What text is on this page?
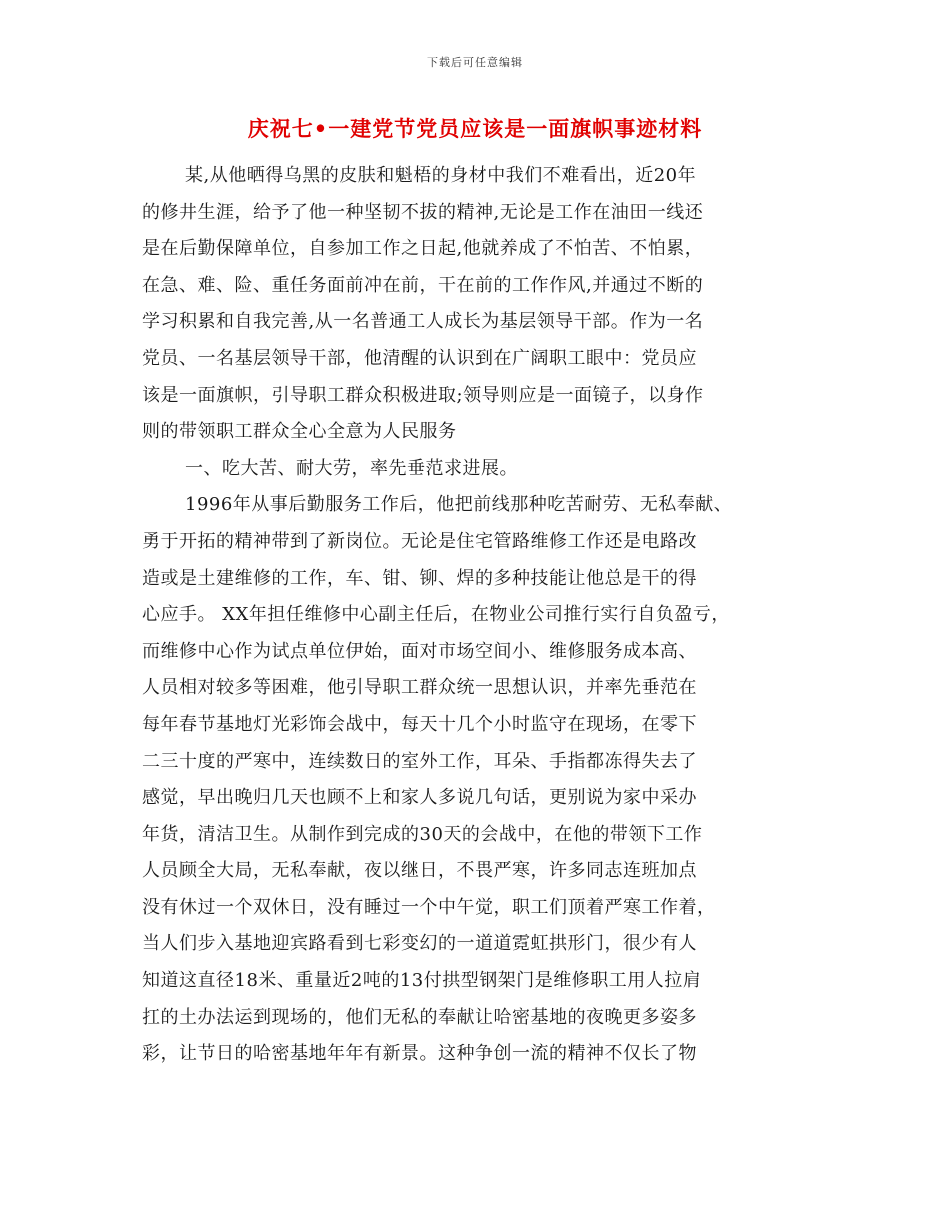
下载后可任意编辑
庆祝七•一建党节党员应该是一面旗帜事迹材料
某,从他晒得乌黑的皮肤和魁梧的身材中我们不难看出，近20年
的修井生涯，给予了他一种坚韧不拔的精神,无论是工作在油田一线还
是在后勤保障单位，自参加工作之日起,他就养成了不怕苦、不怕累，
在急、难、险、重任务面前冲在前，干在前的工作作风,并通过不断的
学习积累和自我完善,从一名普通工人成长为基层领导干部。作为一名
党员、一名基层领导干部，他清醒的认识到在广阔职工眼中：党员应
该是一面旗帜，引导职工群众积极进取;领导则应是一面镜子，以身作
则的带领职工群众全心全意为人民服务
一、吃大苦、耐大劳，率先垂范求进展。
1996年从事后勤服务工作后，他把前线那种吃苦耐劳、无私奉献、
勇于开拓的精神带到了新岗位。无论是住宅管路维修工作还是电路改
造或是土建维修的工作，车、钳、铆、焊的多种技能让他总是干的得
心应手。 XX年担任维修中心副主任后，在物业公司推行实行自负盈亏，
而维修中心作为试点单位伊始，面对市场空间小、维修服务成本高、
人员相对较多等困难，他引导职工群众统一思想认识，并率先垂范在
每年春节基地灯光彩饰会战中，每天十几个小时监守在现场，在零下
二三十度的严寒中，连续数日的室外工作，耳朵、手指都冻得失去了
感觉，早出晚归几天也顾不上和家人多说几句话，更别说为家中采办
年货，清洁卫生。从制作到完成的30天的会战中，在他的带领下工作
人员顾全大局，无私奉献，夜以继日，不畏严寒，许多同志连班加点
没有休过一个双休日，没有睡过一个中午觉，职工们顶着严寒工作着，
当人们步入基地迎宾路看到七彩变幻的一道道霓虹拱形门，很少有人
知道这直径18米、重量近2吨的13付拱型钢架门是维修职工用人拉肩
扛的土办法运到现场的，他们无私的奉献让哈密基地的夜晚更多姿多
彩，让节日的哈密基地年年有新景。这种争创一流的精神不仅长了物
